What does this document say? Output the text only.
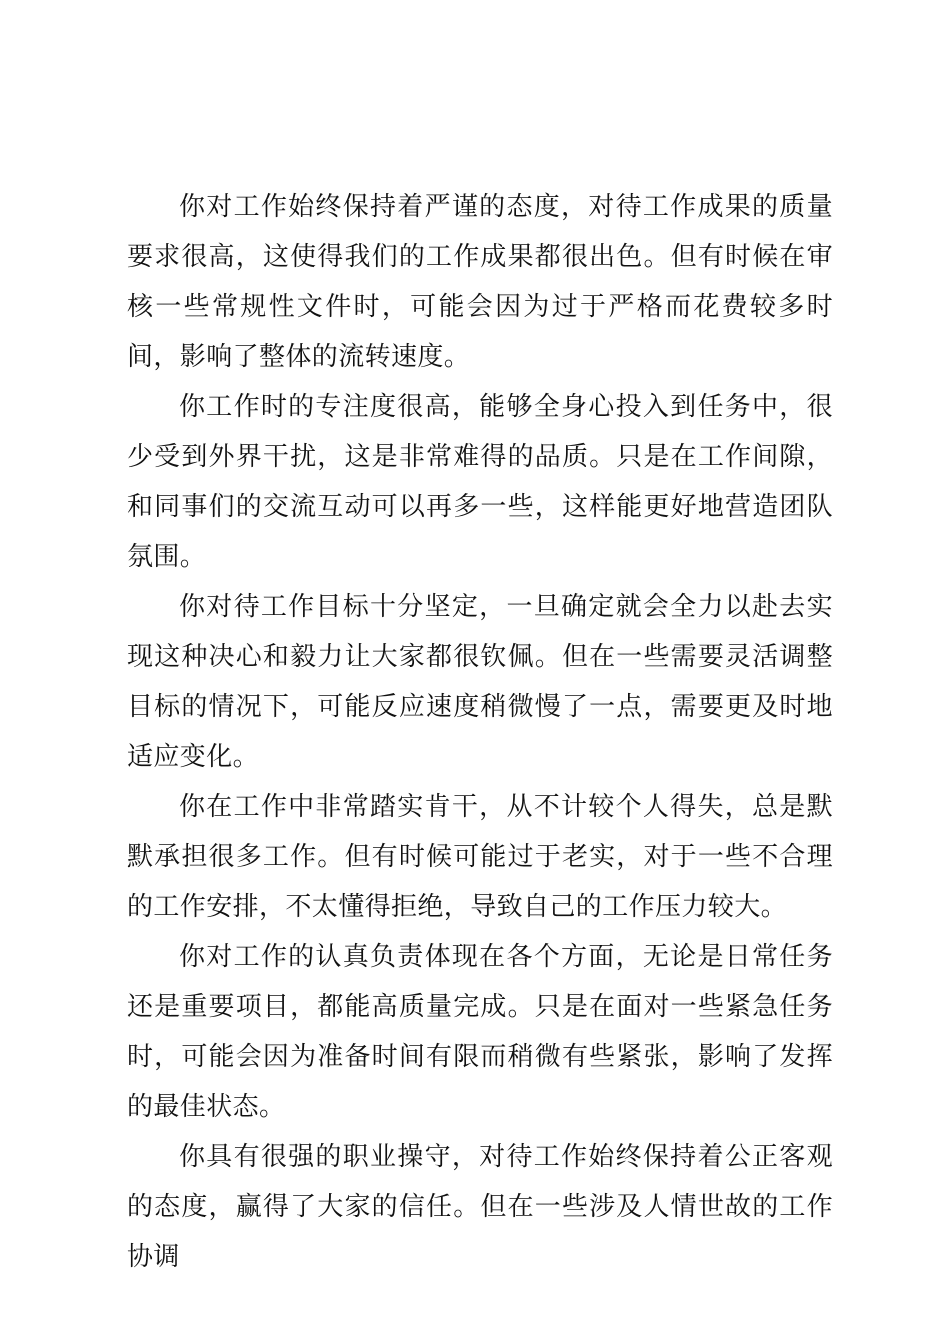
你对工作始终保持着严谨的态度，对待工作成果的质量要求很高，这使得我们的工作成果都很出色。但有时候在审核一些常规性文件时，可能会因为过于严格而花费较多时间，影响了整体的流转速度。

你工作时的专注度很高，能够全身心投入到任务中，很少受到外界干扰，这是非常难得的品质。只是在工作间隙，和同事们的交流互动可以再多一些，这样能更好地营造团队氛围。

你对待工作目标十分坚定，一旦确定就会全力以赴去实现这种决心和毅力让大家都很钦佩。但在一些需要灵活调整目标的情况下，可能反应速度稍微慢了一点，需要更及时地适应变化。

你在工作中非常踏实肯干，从不计较个人得失，总是默默承担很多工作。但有时候可能过于老实，对于一些不合理的工作安排，不太懂得拒绝，导致自己的工作压力较大。

你对工作的认真负责体现在各个方面，无论是日常任务还是重要项目，都能高质量完成。只是在面对一些紧急任务时，可能会因为准备时间有限而稍微有些紧张，影响了发挥的最佳状态。

你具有很强的职业操守，对待工作始终保持着公正客观的态度，赢得了大家的信任。但在一些涉及人情世故的工作协调
